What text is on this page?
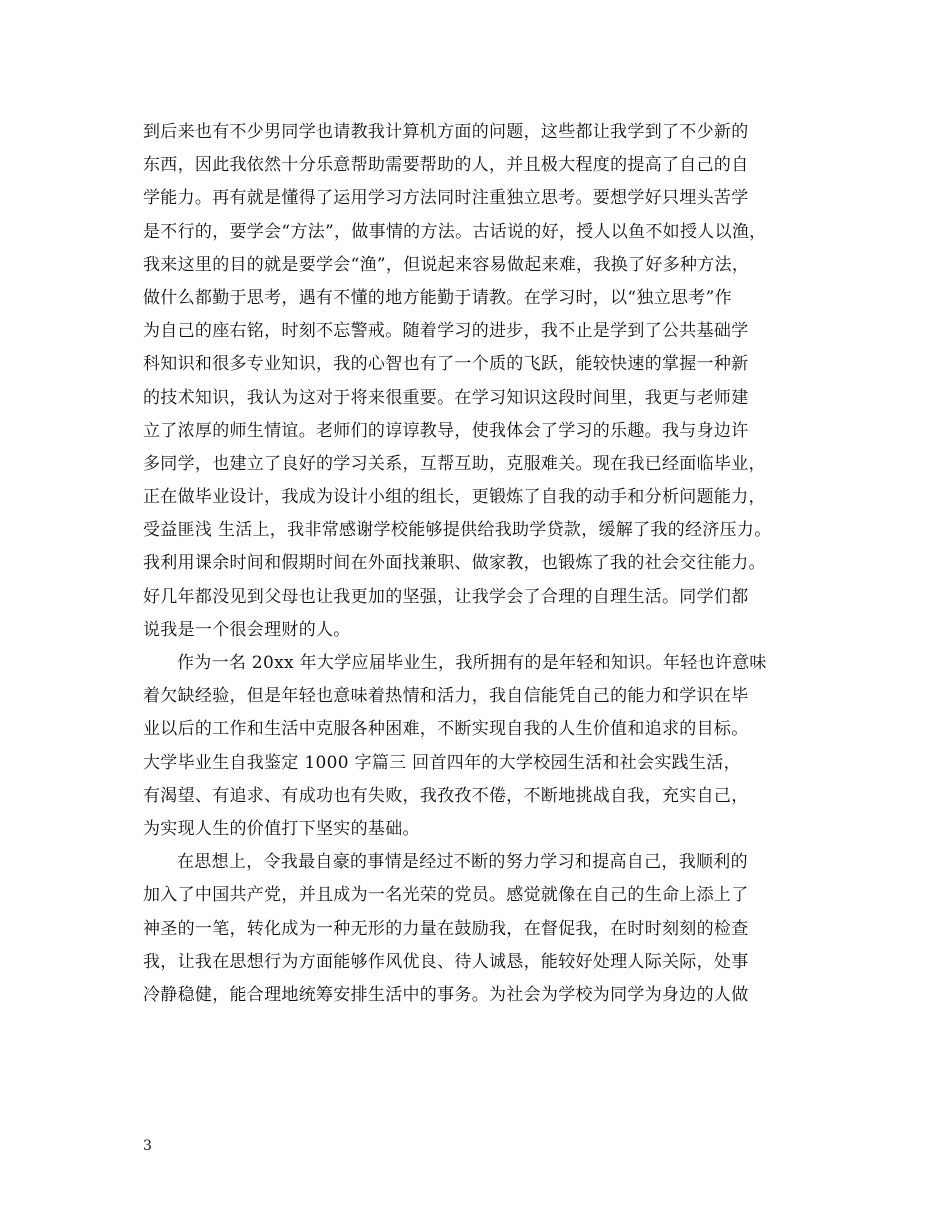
到后来也有不少男同学也请教我计算机方面的问题，这些都让我学到了不少新的
东西，因此我依然十分乐意帮助需要帮助的人，并且极大程度的提高了自己的自
学能力。再有就是懂得了运用学习方法同时注重独立思考。要想学好只埋头苦学
是不行的，要学会“方法”，做事情的方法。古话说的好，授人以鱼不如授人以渔，
我来这里的目的就是要学会“渔”，但说起来容易做起来难，我换了好多种方法，
做什么都勤于思考，遇有不懂的地方能勤于请教。在学习时，以“独立思考”作
为自己的座右铭，时刻不忘警戒。随着学习的进步，我不止是学到了公共基础学
科知识和很多专业知识，我的心智也有了一个质的飞跃，能较快速的掌握一种新
的技术知识，我认为这对于将来很重要。在学习知识这段时间里，我更与老师建
立了浓厚的师生情谊。老师们的谆谆教导，使我体会了学习的乐趣。我与身边许
多同学，也建立了良好的学习关系，互帮互助，克服难关。现在我已经面临毕业，
正在做毕业设计，我成为设计小组的组长，更锻炼了自我的动手和分析问题能力，
受益匪浅 生活上，我非常感谢学校能够提供给我助学贷款，缓解了我的经济压力。
我利用课余时间和假期时间在外面找兼职、做家教，也锻炼了我的社会交往能力。
好几年都没见到父母也让我更加的坚强，让我学会了合理的自理生活。同学们都
说我是一个很会理财的人。
作为一名 20xx 年大学应届毕业生，我所拥有的是年轻和知识。年轻也许意味
着欠缺经验，但是年轻也意味着热情和活力，我自信能凭自己的能力和学识在毕
业以后的工作和生活中克服各种困难，不断实现自我的人生价值和追求的目标。
大学毕业生自我鉴定 1000 字篇三 回首四年的大学校园生活和社会实践生活，
有渴望、有追求、有成功也有失败，我孜孜不倦，不断地挑战自我，充实自己，
为实现人生的价值打下坚实的基础。
在思想上，令我最自豪的事情是经过不断的努力学习和提高自己，我顺利的
加入了中国共产党，并且成为一名光荣的党员。感觉就像在自己的生命上添上了
神圣的一笔，转化成为一种无形的力量在鼓励我，在督促我，在时时刻刻的检查
我，让我在思想行为方面能够作风优良、待人诚恳，能较好处理人际关际，处事
冷静稳健，能合理地统筹安排生活中的事务。为社会为学校为同学为身边的人做
3
